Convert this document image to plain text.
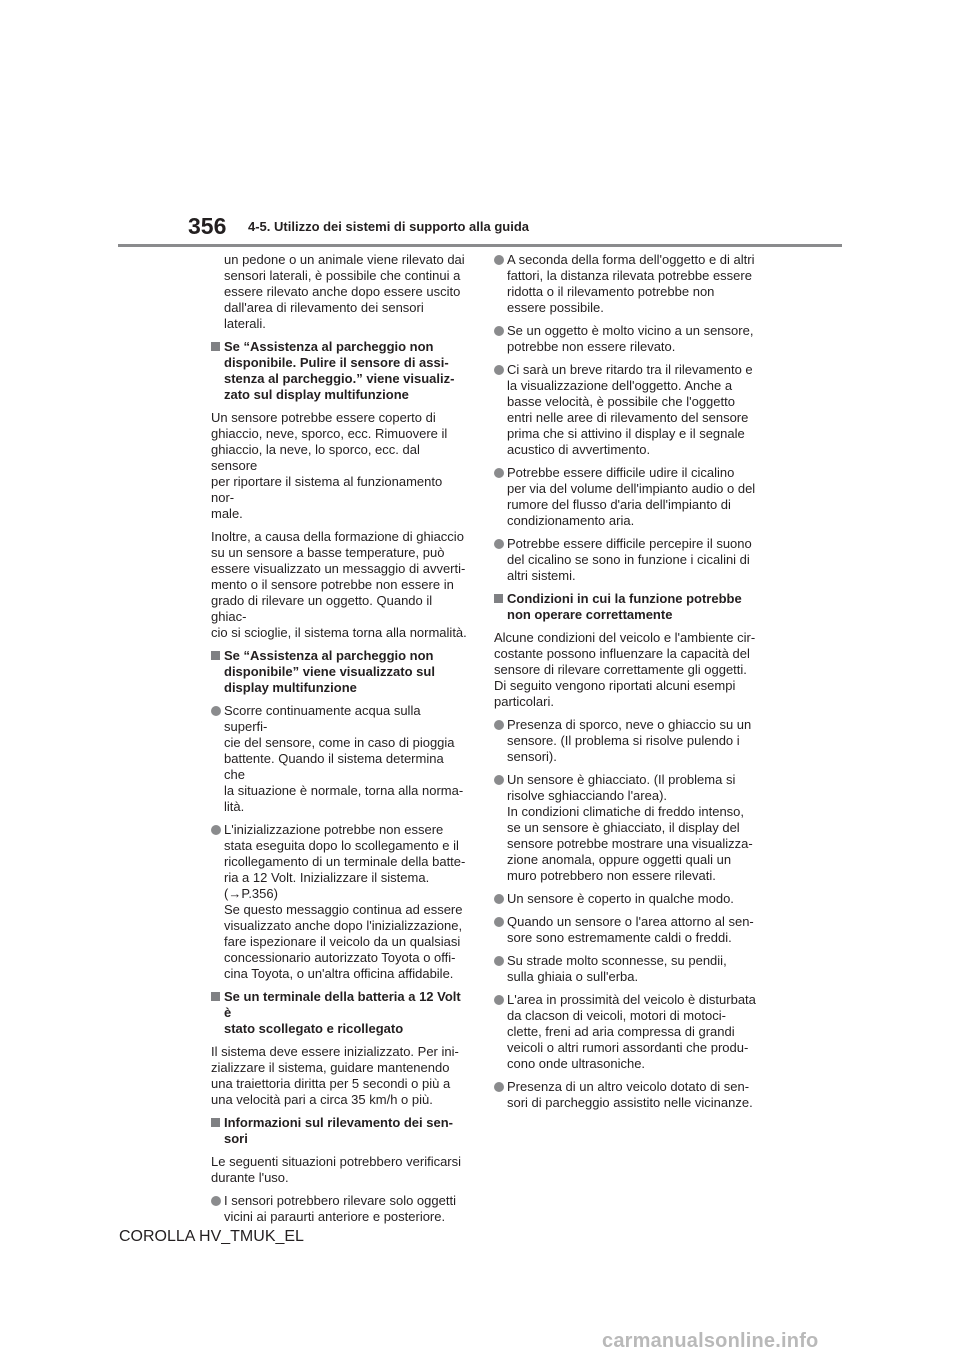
356 4-5. Utilizzo dei sistemi di supporto alla guida
un pedone o un animale viene rilevato dai
sensori laterali, è possibile che continui a
essere rilevato anche dopo essere uscito
dall'area di rilevamento dei sensori laterali.
Se “Assistenza al parcheggio non
disponibile. Pulire il sensore di assi-
stenza al parcheggio.” viene visualiz-
zato sul display multifunzione
Un sensore potrebbe essere coperto di
ghiaccio, neve, sporco, ecc. Rimuovere il
ghiaccio, la neve, lo sporco, ecc. dal sensore
per riportare il sistema al funzionamento nor-
male.
Inoltre, a causa della formazione di ghiaccio
su un sensore a basse temperature, può
essere visualizzato un messaggio di avverti-
mento o il sensore potrebbe non essere in
grado di rilevare un oggetto. Quando il ghiac-
cio si scioglie, il sistema torna alla normalità.
Se “Assistenza al parcheggio non
disponibile” viene visualizzato sul
display multifunzione
Scorre continuamente acqua sulla superfi-
cie del sensore, come in caso di pioggia
battente. Quando il sistema determina che
la situazione è normale, torna alla norma-
lità.
L'inizializzazione potrebbe non essere
stata eseguita dopo lo scollegamento e il
ricollegamento di un terminale della batte-
ria a 12 Volt. Inizializzare il sistema.
(→P.356)
Se questo messaggio continua ad essere
visualizzato anche dopo l'inizializzazione,
fare ispezionare il veicolo da un qualsiasi
concessionario autorizzato Toyota o offi-
cina Toyota, o un'altra officina affidabile.
Se un terminale della batteria a 12 Volt è
stato scollegato e ricollegato
Il sistema deve essere inizializzato. Per ini-
zializzare il sistema, guidare mantenendo
una traiettoria diritta per 5 secondi o più a
una velocità pari a circa 35 km/h o più.
Informazioni sul rilevamento dei sen-
sori
Le seguenti situazioni potrebbero verificarsi
durante l'uso.
I sensori potrebbero rilevare solo oggetti
vicini ai paraurti anteriore e posteriore.
A seconda della forma dell'oggetto e di altri
fattori, la distanza rilevata potrebbe essere
ridotta o il rilevamento potrebbe non
essere possibile.
Se un oggetto è molto vicino a un sensore,
potrebbe non essere rilevato.
Ci sarà un breve ritardo tra il rilevamento e
la visualizzazione dell'oggetto. Anche a
basse velocità, è possibile che l'oggetto
entri nelle aree di rilevamento del sensore
prima che si attivino il display e il segnale
acustico di avvertimento.
Potrebbe essere difficile udire il cicalino
per via del volume dell'impianto audio o del
rumore del flusso d'aria dell'impianto di
condizionamento aria.
Potrebbe essere difficile percepire il suono
del cicalino se sono in funzione i cicalini di
altri sistemi.
Condizioni in cui la funzione potrebbe
non operare correttamente
Alcune condizioni del veicolo e l'ambiente cir-
costante possono influenzare la capacità del
sensore di rilevare correttamente gli oggetti.
Di seguito vengono riportati alcuni esempi
particolari.
Presenza di sporco, neve o ghiaccio su un
sensore. (Il problema si risolve pulendo i
sensori).
Un sensore è ghiacciato. (Il problema si
risolve sghiacciando l'area).
In condizioni climatiche di freddo intenso,
se un sensore è ghiacciato, il display del
sensore potrebbe mostrare una visualizza-
zione anomala, oppure oggetti quali un
muro potrebbero non essere rilevati.
Un sensore è coperto in qualche modo.
Quando un sensore o l'area attorno al sen-
sore sono estremamente caldi o freddi.
Su strade molto sconnesse, su pendii,
sulla ghiaia o sull'erba.
L'area in prossimità del veicolo è disturbata
da clacson di veicoli, motori di motoci-
clette, freni ad aria compressa di grandi
veicoli o altri rumori assordanti che produ-
cono onde ultrasoniche.
Presenza di un altro veicolo dotato di sen-
sori di parcheggio assistito nelle vicinanze.
COROLLA HV_TMUK_EL
carmanualsonline.info
